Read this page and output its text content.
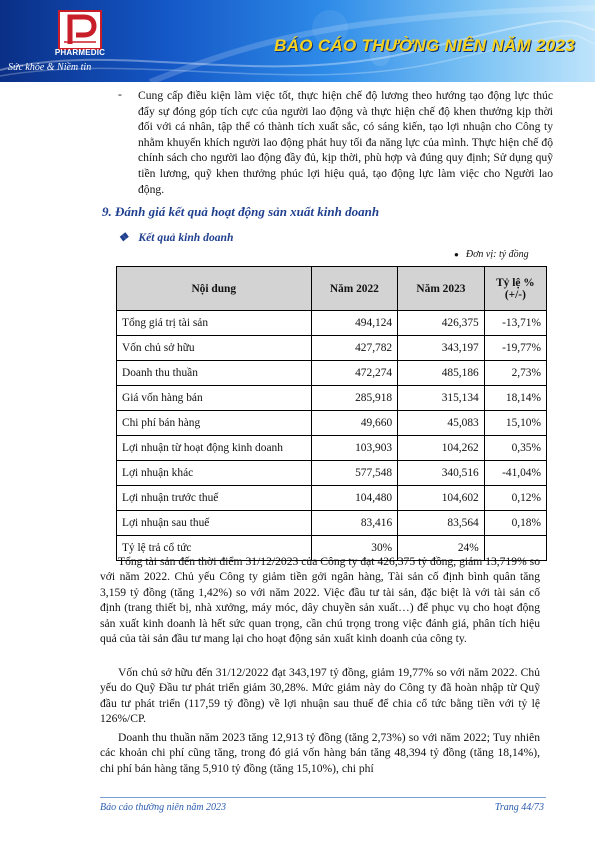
PHARMEDIC
Sức khỏe & Niềm tin
BÁO CÁO THƯỜNG NIÊN NĂM 2023
- Cung cấp điều kiện làm việc tốt, thực hiện chế độ lương theo hướng tạo động lực thúc đẩy sự đóng góp tích cực của người lao động và thực hiện chế độ khen thưởng kịp thời đối với cá nhân, tập thể có thành tích xuất sắc, có sáng kiến, tạo lợi nhuận cho Công ty nhằm khuyến khích người lao động phát huy tối đa năng lực của mình. Thực hiện chế độ chính sách cho người lao động đầy đủ, kịp thời, phù hợp và đúng quy định; Sử dụng quỹ tiền lương, quỹ khen thưởng phúc lợi hiệu quả, tạo động lực làm việc cho Người lao động.
9. Đánh giá kết quả hoạt động sản xuất kinh doanh
❖ Kết quả kinh doanh
● Đơn vị: tỷ đồng
Nội dung	Năm 2022	Năm 2023	Tỷ lệ % (+/-)
Tổng giá trị tài sản	494,124	426,375	-13,71%
Vốn chủ sở hữu	427,782	343,197	-19,77%
Doanh thu thuần	472,274	485,186	2,73%
Giá vốn hàng bán	285,918	315,134	18,14%
Chi phí bán hàng	49,660	45,083	15,10%
Lợi nhuận từ hoạt động kinh doanh	103,903	104,262	0,35%
Lợi nhuận khác	577,548	340,516	-41,04%
Lợi nhuận trước thuế	104,480	104,602	0,12%
Lợi nhuận sau thuế	83,416	83,564	0,18%
Tỷ lệ trả cổ tức	30%	24%	
Tổng tài sản đến thời điểm 31/12/2023 của Công ty đạt 426,375 tỷ đồng, giảm 13,719% so với năm 2022. Chủ yếu Công ty giảm tiền gởi ngân hàng, Tài sản cố định bình quân tăng 3,159 tỷ đồng (tăng 1,42%) so với năm 2022. Việc đầu tư tài sản, đặc biệt là với tài sản cố định (trang thiết bị, nhà xưởng, máy móc, dây chuyền sản xuất…) để phục vụ cho hoạt động sản xuất kinh doanh là hết sức quan trọng, cần chú trọng trong việc đánh giá, phân tích hiệu quả của tài sản đầu tư mang lại cho hoạt động sản xuất kinh doanh của công ty.
Vốn chủ sở hữu đến 31/12/2022 đạt 343,197 tỷ đồng, giảm 19,77% so với năm 2022. Chủ yếu do Quỹ Đầu tư phát triển giảm 30,28%. Mức giảm này do Công ty đã hoàn nhập từ Quỹ đầu tư phát triển (117,59 tỷ đồng) về lợi nhuận sau thuế để chia cổ tức bằng tiền với tỷ lệ 126%/CP.
Doanh thu thuần năm 2023 tăng 12,913 tỷ đồng (tăng 2,73%) so với năm 2022; Tuy nhiên các khoản chi phí cũng tăng, trong đó giá vốn hàng bán tăng 48,394 tỷ đồng (tăng 18,14%), chi phí bán hàng tăng 5,910 tỷ đồng (tăng 15,10%), chi phí
Báo cáo thường niên năm 2023	Trang 44/73
